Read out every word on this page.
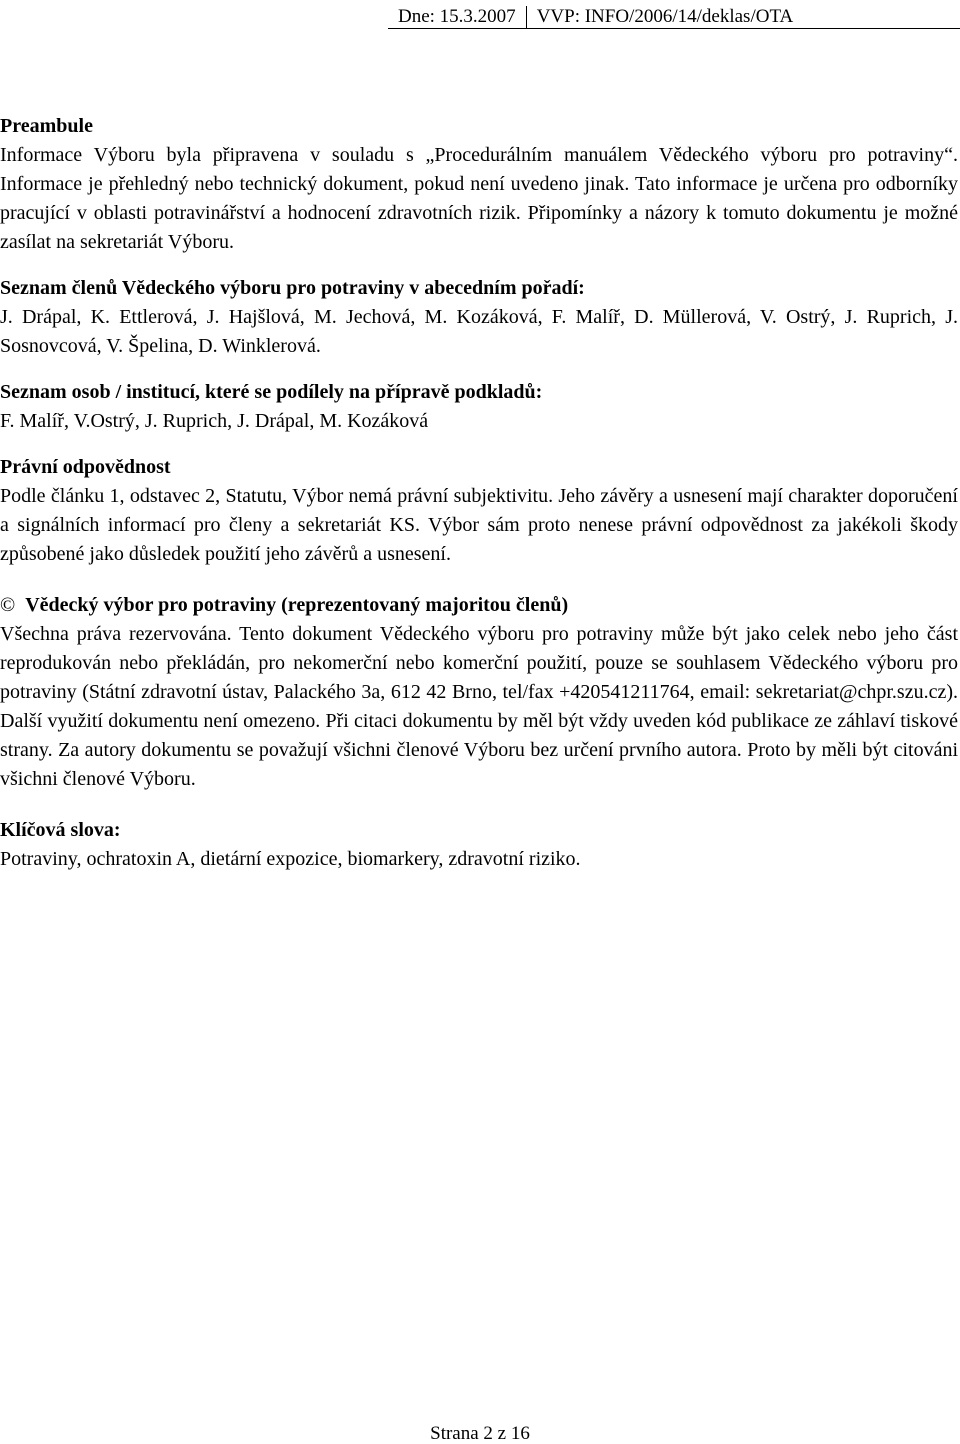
Dne: 15.3.2007	VVP: INFO/2006/14/deklas/OTA
Preambule

Informace Výboru byla připravena v souladu s „Procedurálním manuálem Vědeckého výboru pro potraviny“. Informace je přehledný nebo technický dokument, pokud není uvedeno jinak. Tato informace je určena pro odborníky pracující v oblasti potravinářství a hodnocení zdravotních rizik. Připomínky a názory k tomuto dokumentu je možné zasílat na sekretariát Výboru.

Seznam členů Vědeckého výboru pro potraviny v abecedním pořadí:

J. Drápal, K. Ettlerová, J. Hajšlová, M. Jechová, M. Kozáková, F. Malíř, D. Müllerová, V. Ostrý, J. Ruprich, J. Sosnovcová, V. Špelina, D. Winklerová.

Seznam osob / institucí, které se podílely na přípravě podkladů:

F. Malíř, V.Ostrý, J. Ruprich, J. Drápal, M. Kozáková

Právní odpovědnost

Podle článku 1, odstavec 2, Statutu, Výbor nemá právní subjektivitu. Jeho závěry a usnesení mají charakter doporučení a signálních informací pro členy a sekretariát KS. Výbor sám proto nenese právní odpovědnost za jakékoli škody způsobené jako důsledek použití jeho závěrů a usnesení.

© Vědecký výbor pro potraviny (reprezentovaný majoritou členů)

Všechna práva rezervována. Tento dokument Vědeckého výboru pro potraviny může být jako celek nebo jeho část reprodukován nebo překládán, pro nekomerční nebo komerční použití, pouze se souhlasem Vědeckého výboru pro potraviny (Státní zdravotní ústav, Palackého 3a, 612 42 Brno, tel/fax +420541211764, email: sekretariat@chpr.szu.cz). Další využití dokumentu není omezeno. Při citaci dokumentu by měl být vždy uveden kód publikace ze záhlaví tiskové strany. Za autory dokumentu se považují všichni členové Výboru bez určení prvního autora. Proto by měli být citováni všichni členové Výboru.

Klíčová slova:

Potraviny, ochratoxin A, dietární expozice, biomarkery, zdravotní riziko.

Strana 2 z 16
